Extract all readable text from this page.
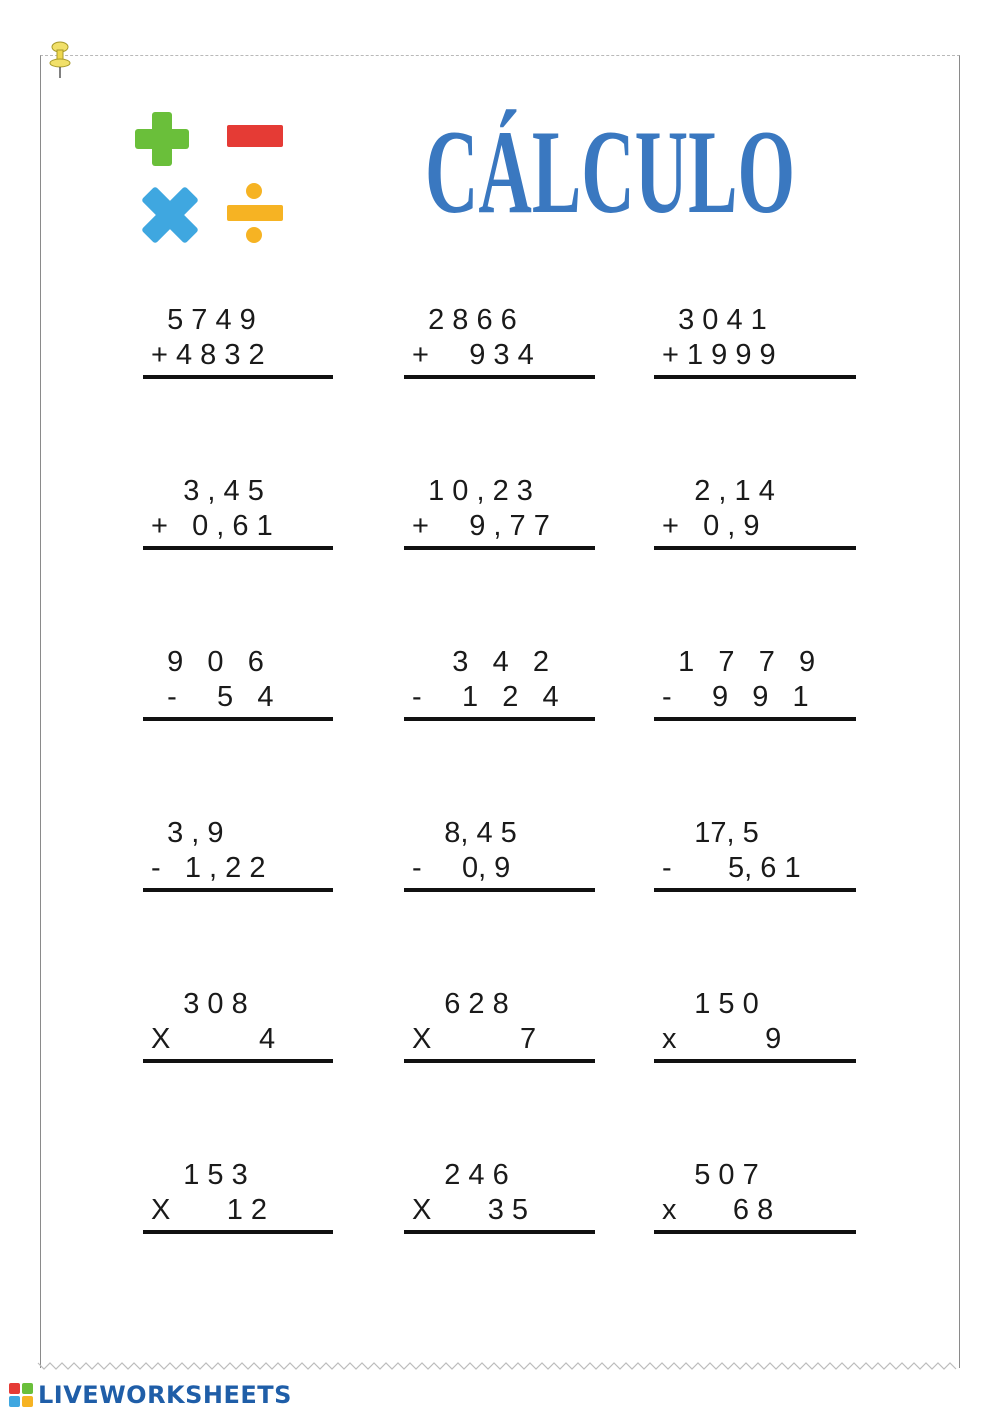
CÁLCULO
5 7 4 9
+ 4 8 3 2
2 8 6 6
+     9 3 4
3 0 4 1
+ 1 9 9 9
3 , 4 5
+   0 , 6 1
1 0 , 2 3
+     9 , 7 7
2 , 1 4
+   0 , 9
9   0   6
-     5   4
3   4   2
-     1   2   4
1   7   7   9
-     9   9   1
3 , 9
-   1 , 2 2
8, 4 5
-     0, 9
17, 5
-       5, 6 1
3 0 8
X           4
6 2 8
X           7
1 5 0
x           9
1 5 3
X       1 2
2 4 6
X       3 5
5 0 7
x       6 8
LIVEWORKSHEETS
